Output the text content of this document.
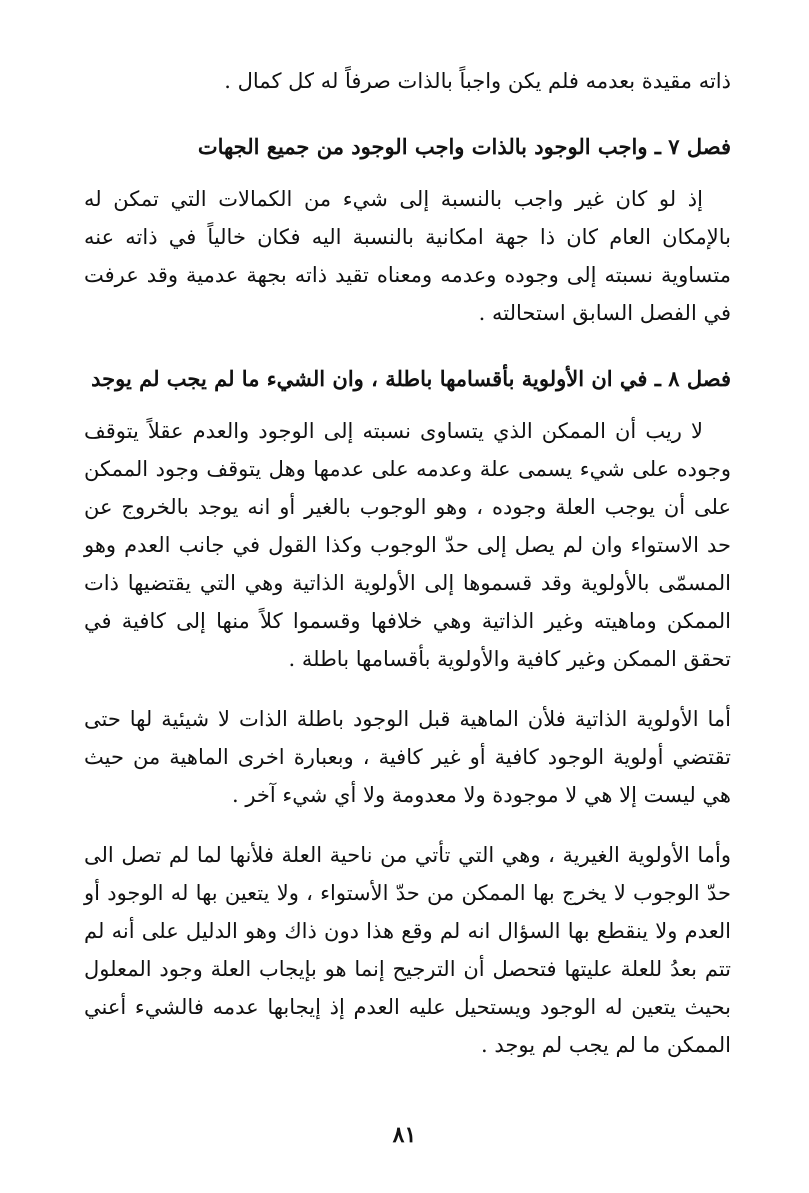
ذاته مقيدة بعدمه فلم يكن واجباً بالذات صرفاً له كل كمال .

فصل ٧ ـ واجب الوجود بالذات واجب الوجود من جميع الجهات

إذ لو كان غير واجب بالنسبة إلى شيء من الكمالات التي تمكن له بالإمكان العام كان ذا جهة امكانية بالنسبة اليه فكان خالياً في ذاته عنه متساوية نسبته إلى وجوده وعدمه ومعناه تقيد ذاته بجهة عدمية وقد عرفت في الفصل السابق استحالته .

فصل ٨ ـ في ان الأولوية بأقسامها باطلة ، وان الشيء ما لم يجب لم يوجد

لا ريب أن الممكن الذي يتساوى نسبته إلى الوجود والعدم عقلاً يتوقف وجوده على شيء يسمى علة وعدمه على عدمها وهل يتوقف وجود الممكن على أن يوجب العلة وجوده ، وهو الوجوب بالغير أو انه يوجد بالخروج عن حد الاستواء وان لم يصل إلى حدّ الوجوب وكذا القول في جانب العدم وهو المسمّى بالأولوية وقد قسموها إلى الأولوية الذاتية وهي التي يقتضيها ذات الممكن وماهيته وغير الذاتية وهي خلافها وقسموا كلاً منها إلى كافية في تحقق الممكن وغير كافية والأولوية بأقسامها باطلة .

أما الأولوية الذاتية فلأن الماهية قبل الوجود باطلة الذات لا شيئية لها حتى تقتضي أولوية الوجود كافية أو غير كافية ، وبعبارة اخرى الماهية من حيث هي ليست إلا هي لا موجودة ولا معدومة ولا أي شيء آخر .

وأما الأولوية الغيرية ، وهي التي تأتي من ناحية العلة فلأنها لما لم تصل الى حدّ الوجوب لا يخرج بها الممكن من حدّ الأستواء ، ولا يتعين بها له الوجود أو العدم ولا ينقطع بها السؤال انه لم وقع هذا دون ذاك وهو الدليل على أنه لم تتم بعدُ للعلة عليتها فتحصل أن الترجيح إنما هو بإيجاب العلة وجود المعلول بحيث يتعين له الوجود ويستحيل عليه العدم إذ إيجابها عدمه فالشيء أعني الممكن ما لم يجب لم يوجد .

٨١
